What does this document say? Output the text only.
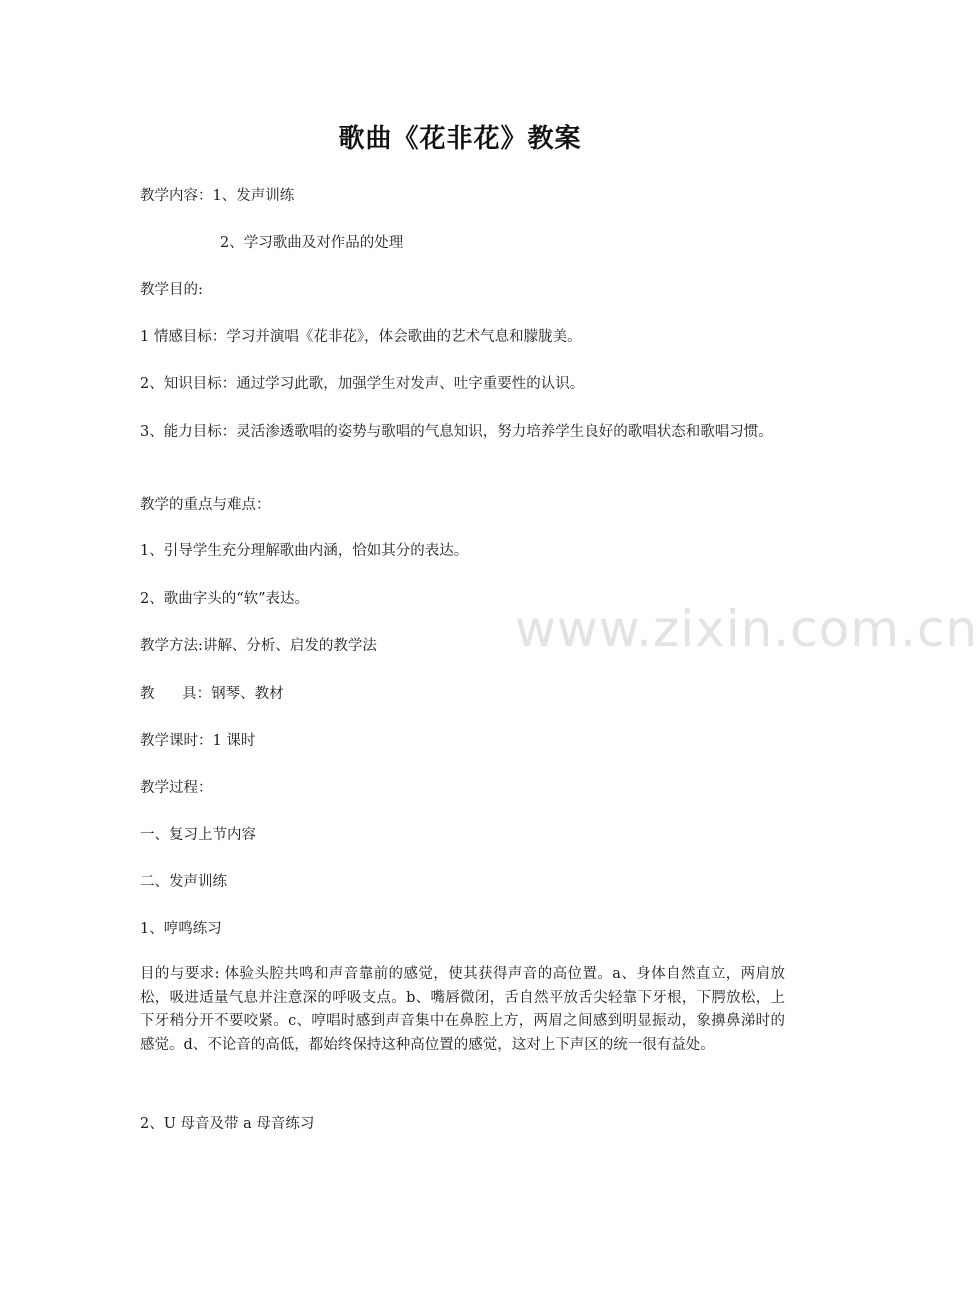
www.zixin.com.cn
歌曲《花非花》教案
教学内容：1、发声训练
2、学习歌曲及对作品的处理
教学目的:
1 情感目标：学习并演唱《花非花》，体会歌曲的艺术气息和朦胧美。
2、知识目标：通过学习此歌，加强学生对发声、吐字重要性的认识。
3、能力目标：灵活渗透歌唱的姿势与歌唱的气息知识，努力培养学生良好的歌唱状态和歌唱习惯。
教学的重点与难点：
1、引导学生充分理解歌曲内涵，恰如其分的表达。
2、歌曲字头的“软”表达。
教学方法:讲解、分析、启发的教学法
教      具：钢琴、教材
教学课时：1 课时
教学过程：
一、复习上节内容
二、发声训练
1、哼鸣练习
目的与要求: 体验头腔共鸣和声音靠前的感觉，使其获得声音的高位置。a、身体自然直立，两肩放松，吸进适量气息并注意深的呼吸支点。b、嘴唇微闭，舌自然平放舌尖轻靠下牙根，下腭放松，上下牙稍分开不要咬紧。c、哼唱时感到声音集中在鼻腔上方，两眉之间感到明显振动，象擤鼻涕时的感觉。d、不论音的高低，都始终保持这种高位置的感觉，这对上下声区的统一很有益处。
2、U 母音及带 a 母音练习
